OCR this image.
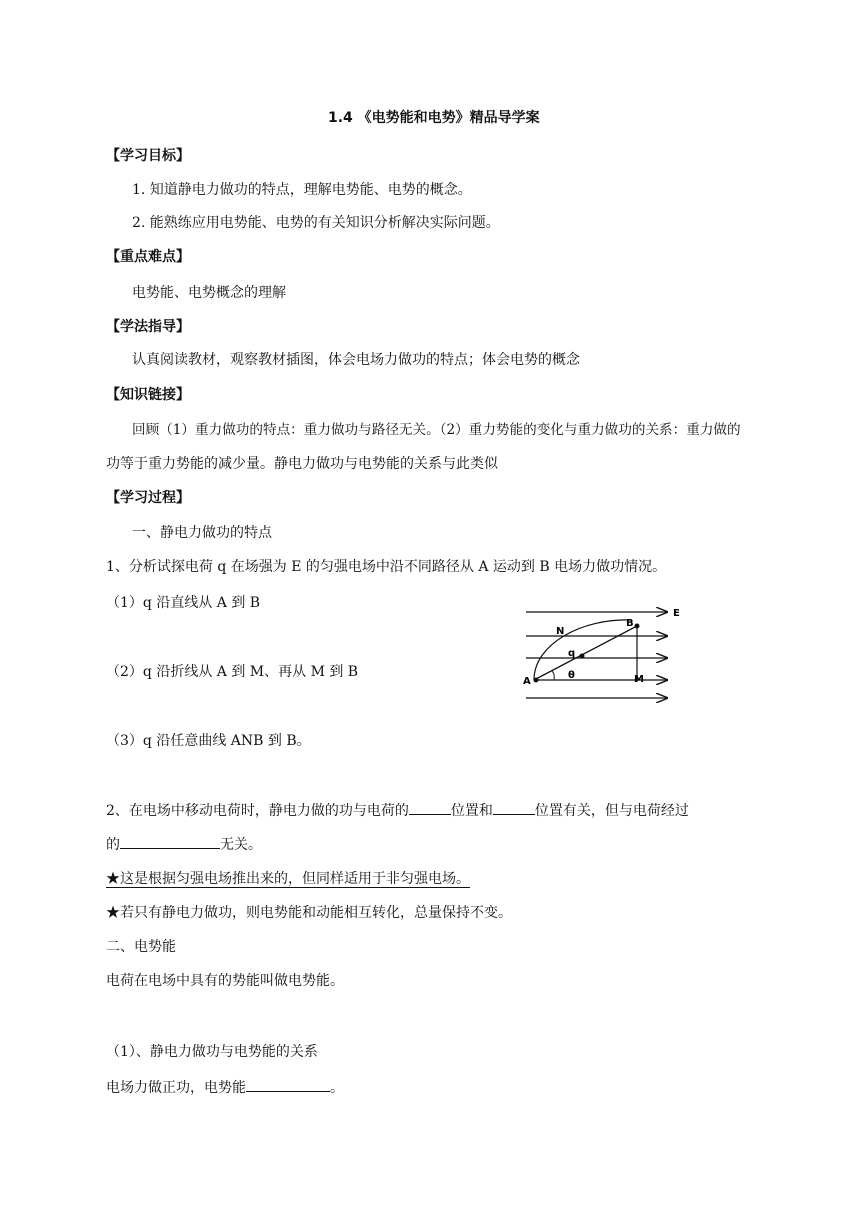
1.4 《电势能和电势》精品导学案
【学习目标】
1. 知道静电力做功的特点，理解电势能、电势的概念。
2. 能熟练应用电势能、电势的有关知识分析解决实际问题。
【重点难点】
电势能、电势概念的理解
【学法指导】
认真阅读教材，观察教材插图，体会电场力做功的特点；体会电势的概念
【知识链接】
回顾（1）重力做功的特点：重力做功与路径无关。（2）重力势能的变化与重力做功的关系：重力做的
功等于重力势能的减少量。静电力做功与电势能的关系与此类似
【学习过程】
一、静电力做功的特点
1、分析试探电荷 q 在场强为 E 的匀强电场中沿不同路径从 A 运动到 B 电场力做功情况。
（1）q 沿直线从 A 到 B
（2）q 沿折线从 A 到 M、再从 M 到 B
（3）q 沿任意曲线 ANB 到 B。
E
N
B
q
θ
A	M
2、在电场中移动电荷时，静电力做的功与电荷的	位置和	位置有关，但与电荷经过
的	无关。
★这是根据匀强电场推出来的，但同样适用于非匀强电场。
★若只有静电力做功，则电势能和动能相互转化，总量保持不变。
二、电势能
电荷在电场中具有的势能叫做电势能。
（1）、静电力做功与电势能的关系
电场力做正功，电势能	。
